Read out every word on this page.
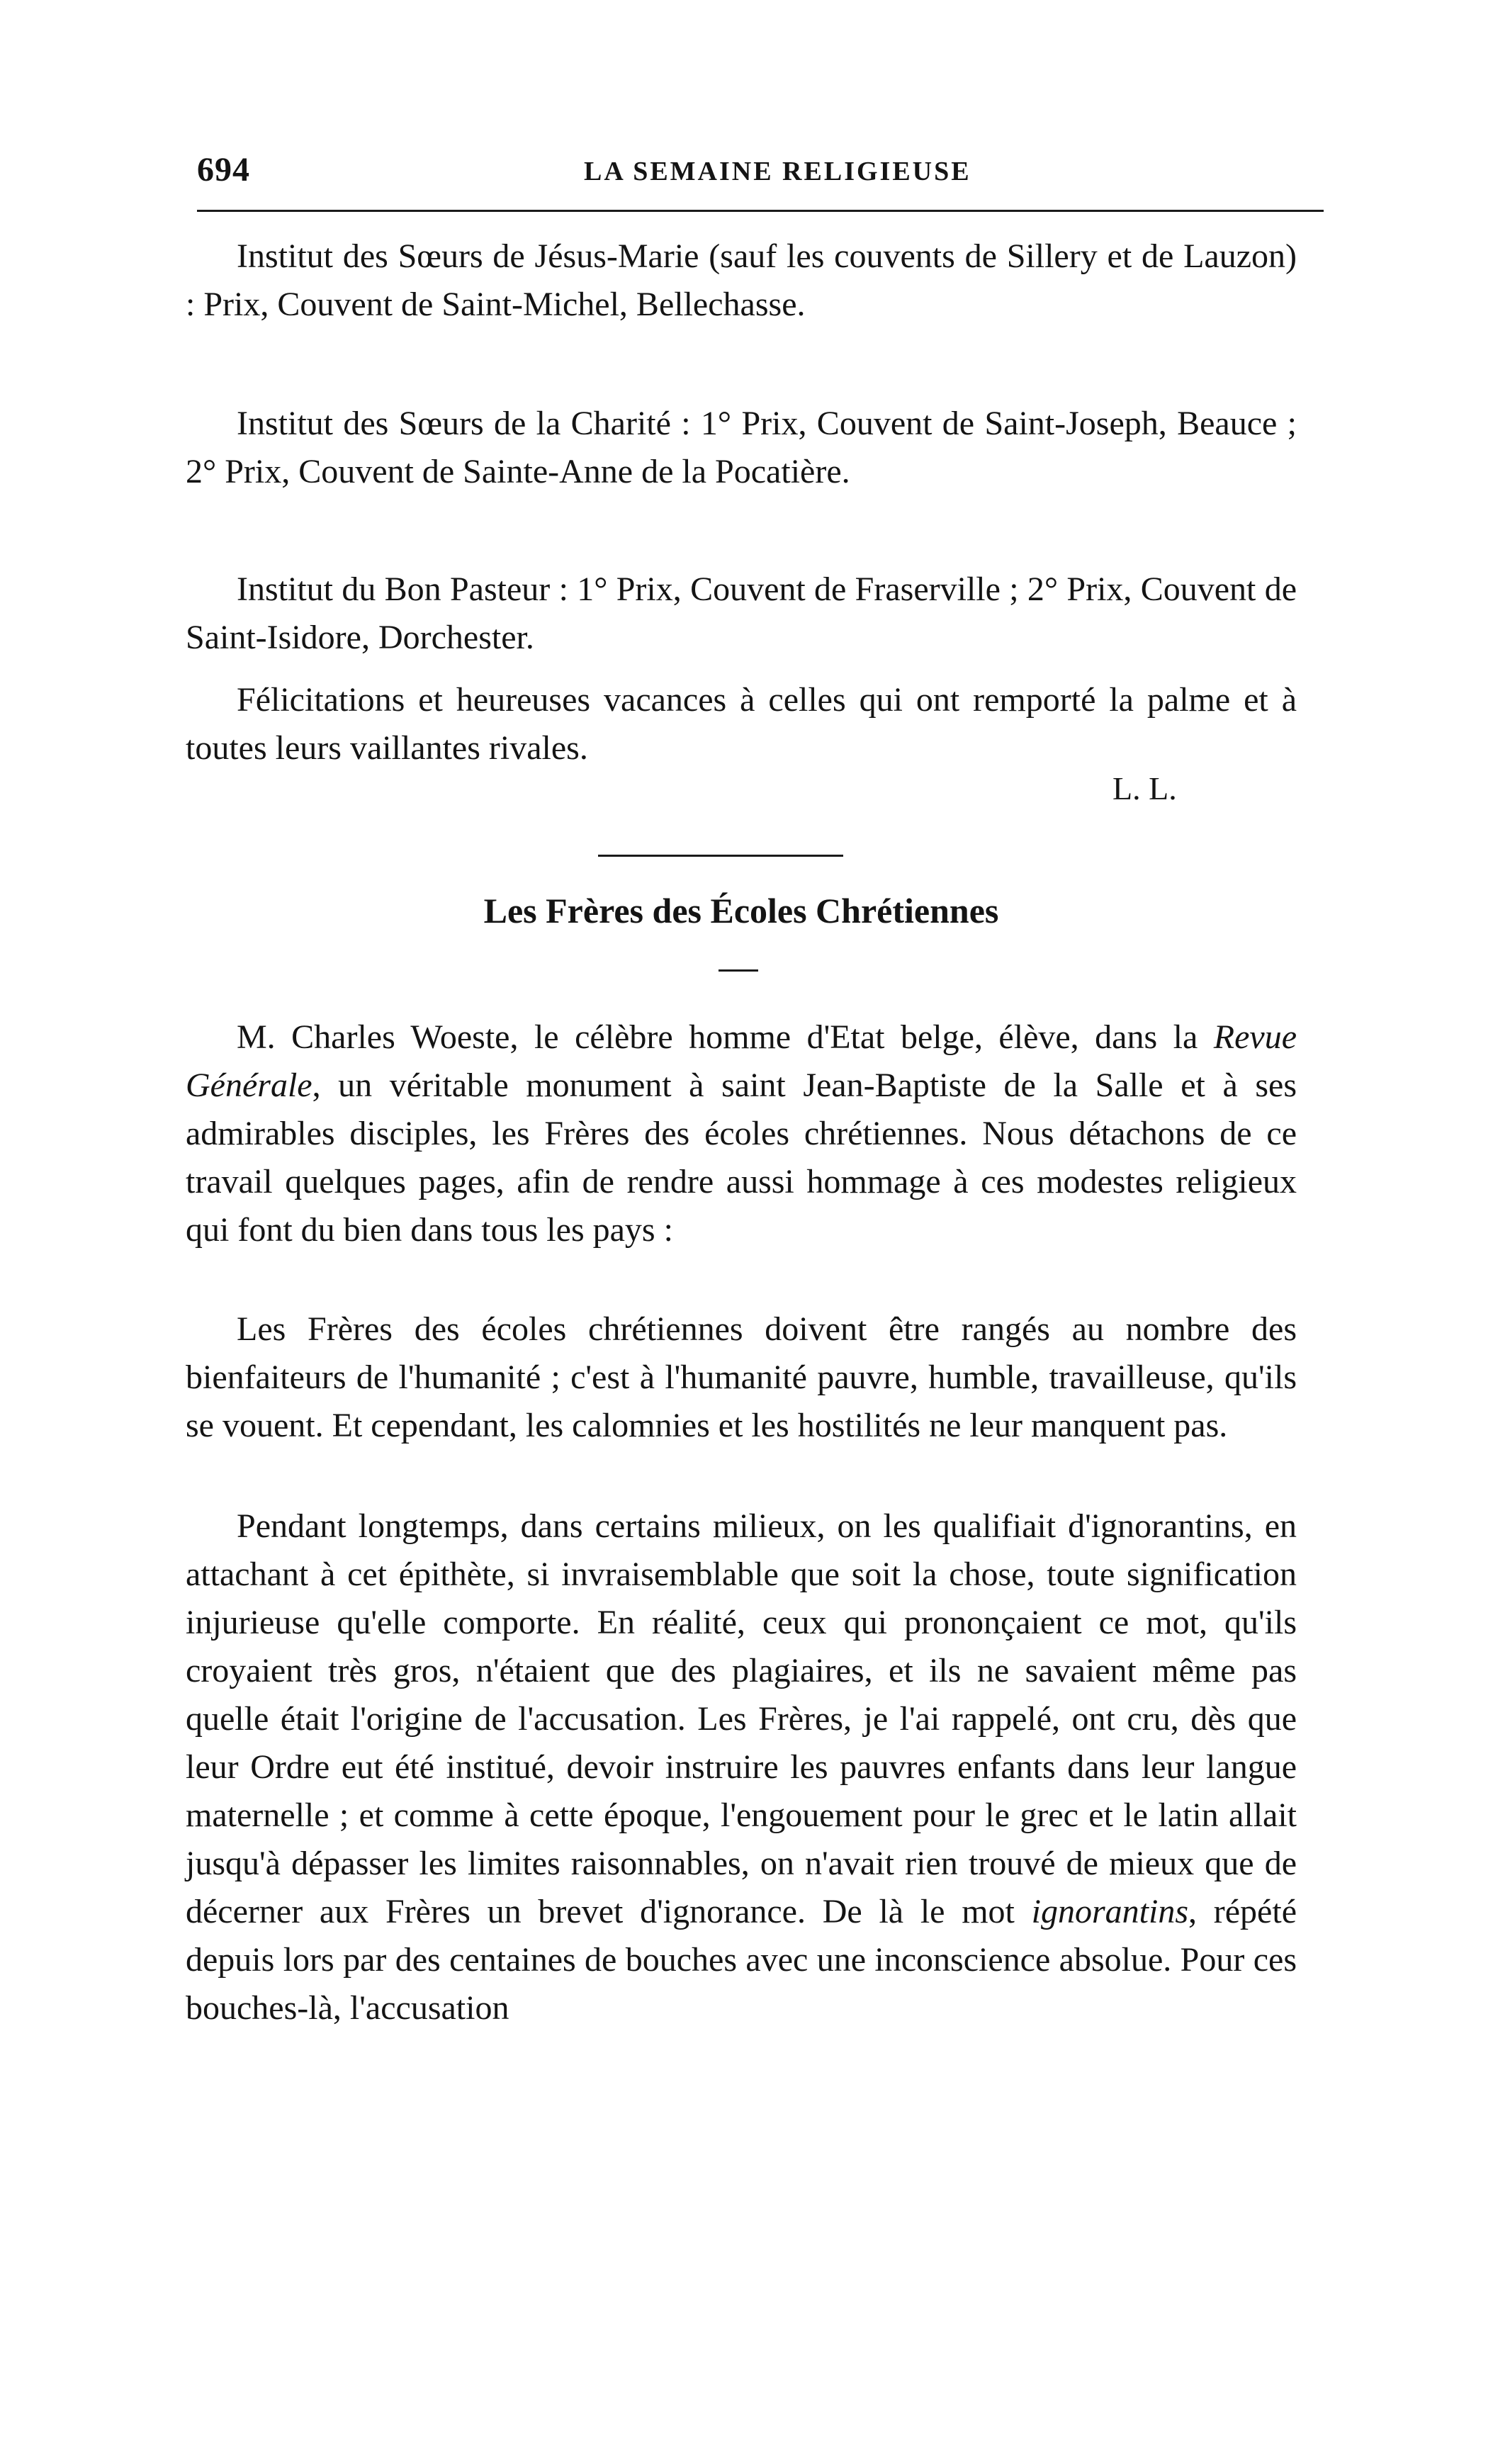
694	LA SEMAINE RELIGIEUSE

Institut des Sœurs de Jésus-Marie (sauf les couvents de Sillery et de Lauzon) : Prix, Couvent de Saint-Michel, Bellechasse.

Institut des Sœurs de la Charité : 1° Prix, Couvent de Saint-Joseph, Beauce ; 2° Prix, Couvent de Sainte-Anne de la Pocatière.

Institut du Bon Pasteur : 1° Prix, Couvent de Fraserville ; 2° Prix, Couvent de Saint-Isidore, Dorchester.

Félicitations et heureuses vacances à celles qui ont remporté la palme et à toutes leurs vaillantes rivales.

L. L.

Les Frères des Écoles Chrétiennes

M. Charles Woeste, le célèbre homme d'Etat belge, élève, dans la Revue Générale, un véritable monument à saint Jean-Baptiste de la Salle et à ses admirables disciples, les Frères des écoles chrétiennes. Nous détachons de ce travail quelques pages, afin de rendre aussi hommage à ces modestes religieux qui font du bien dans tous les pays :

Les Frères des écoles chrétiennes doivent être rangés au nombre des bienfaiteurs de l'humanité ; c'est à l'humanité pauvre, humble, travailleuse, qu'ils se vouent. Et cependant, les calomnies et les hostilités ne leur manquent pas.

Pendant longtemps, dans certains milieux, on les qualifiait d'ignorantins, en attachant à cet épithète, si invraisemblable que soit la chose, toute signification injurieuse qu'elle comporte. En réalité, ceux qui prononçaient ce mot, qu'ils croyaient très gros, n'étaient que des plagiaires, et ils ne savaient même pas quelle était l'origine de l'accusation. Les Frères, je l'ai rappelé, ont cru, dès que leur Ordre eut été institué, devoir instruire les pauvres enfants dans leur langue maternelle ; et comme à cette époque, l'engouement pour le grec et le latin allait jusqu'à dépasser les limites raisonnables, on n'avait rien trouvé de mieux que de décerner aux Frères un brevet d'ignorance. De là le mot ignorantins, répété depuis lors par des centaines de bouches avec une inconscience absolue. Pour ces bouches-là, l'accusation
